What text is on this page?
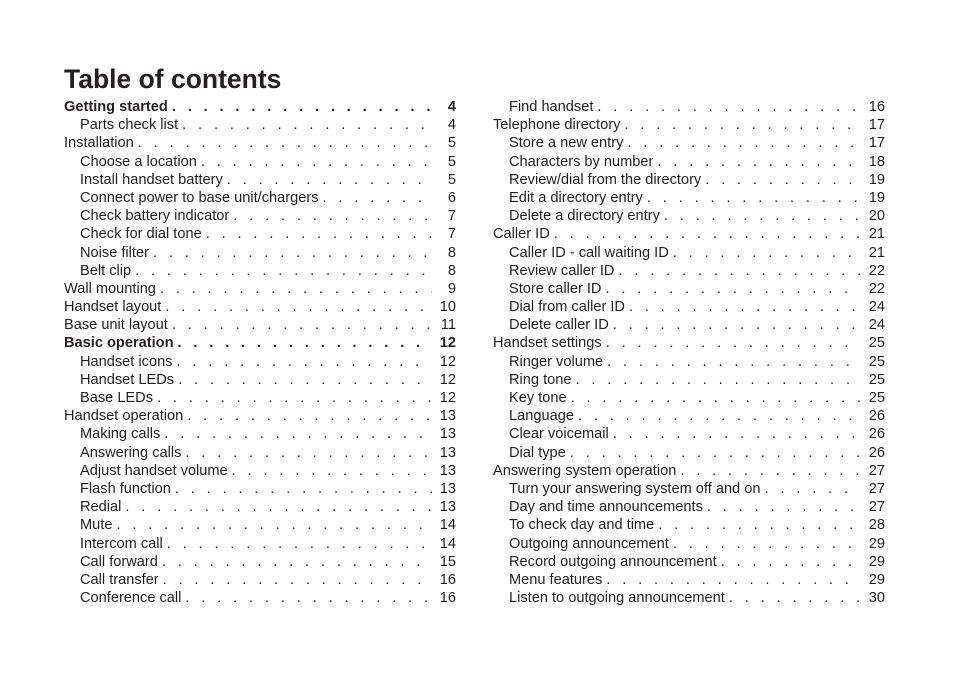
Table of contents
Getting started . . .	4
Parts check list . . .	4
Installation . . .	5
Choose a location . . .	5
Install handset battery . . .	5
Connect power to base unit/chargers . . .	6
Check battery indicator . . .	7
Check for dial tone . . .	7
Noise filter . . .	8
Belt clip . . .	8
Wall mounting . . .	9
Handset layout . . .	10
Base unit layout . . .	11
Basic operation . . .	12
Handset icons . . .	12
Handset LEDs . . .	12
Base LEDs . . .	12
Handset operation . . .	13
Making calls . . .	13
Answering calls . . .	13
Adjust handset volume . . .	13
Flash function . . .	13
Redial . . .	13
Mute . . .	14
Intercom call . . .	14
Call forward . . .	15
Call transfer . . .	16
Conference call . . .	16
Find handset . . .	16
Telephone directory . . .	17
Store a new entry . . .	17
Characters by number . . .	18
Review/dial from the directory . . .	19
Edit a directory entry . . .	19
Delete a directory entry . . .	20
Caller ID . . .	21
Caller ID - call waiting ID . . .	21
Review caller ID . . .	22
Store caller ID . . .	22
Dial from caller ID . . .	24
Delete caller ID . . .	24
Handset settings . . .	25
Ringer volume . . .	25
Ring tone . . .	25
Key tone . . .	25
Language . . .	26
Clear voicemail . . .	26
Dial type . . .	26
Answering system operation . . .	27
Turn your answering system off and on . . .	27
Day and time announcements . . .	27
To check day and time . . .	28
Outgoing announcement . . .	29
Record outgoing announcement . . .	29
Menu features . . .	29
Listen to outgoing announcement . . .	30
